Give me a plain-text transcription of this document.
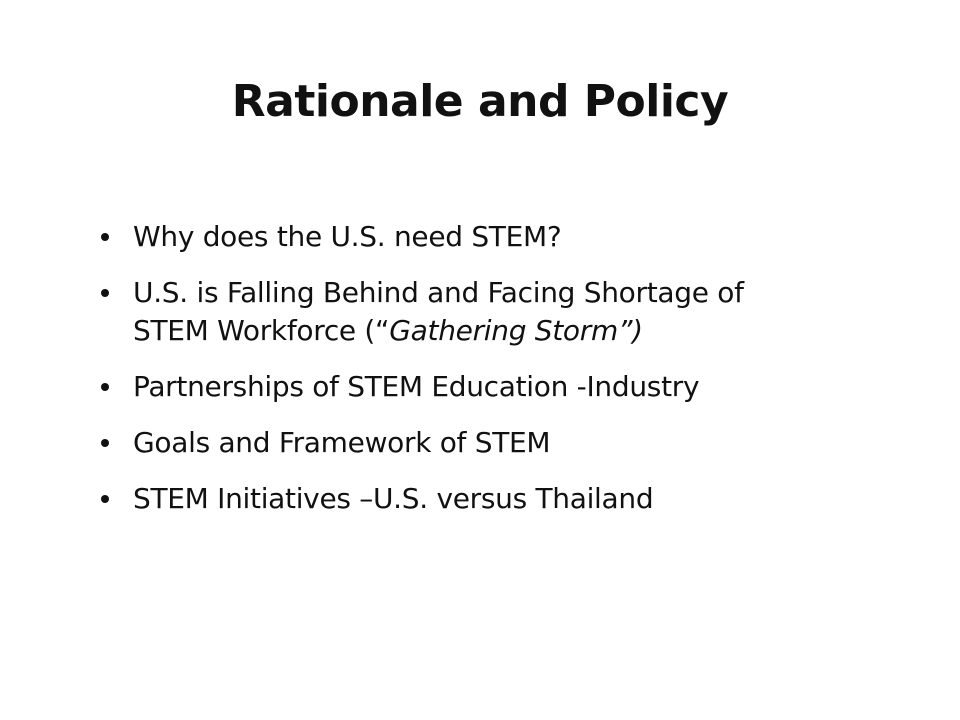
Rationale and Policy
Why does the U.S. need STEM?
U.S. is Falling Behind and Facing Shortage of
STEM Workforce (“Gathering Storm”)
Partnerships of STEM Education -Industry
Goals and Framework of STEM
STEM Initiatives –U.S. versus Thailand
